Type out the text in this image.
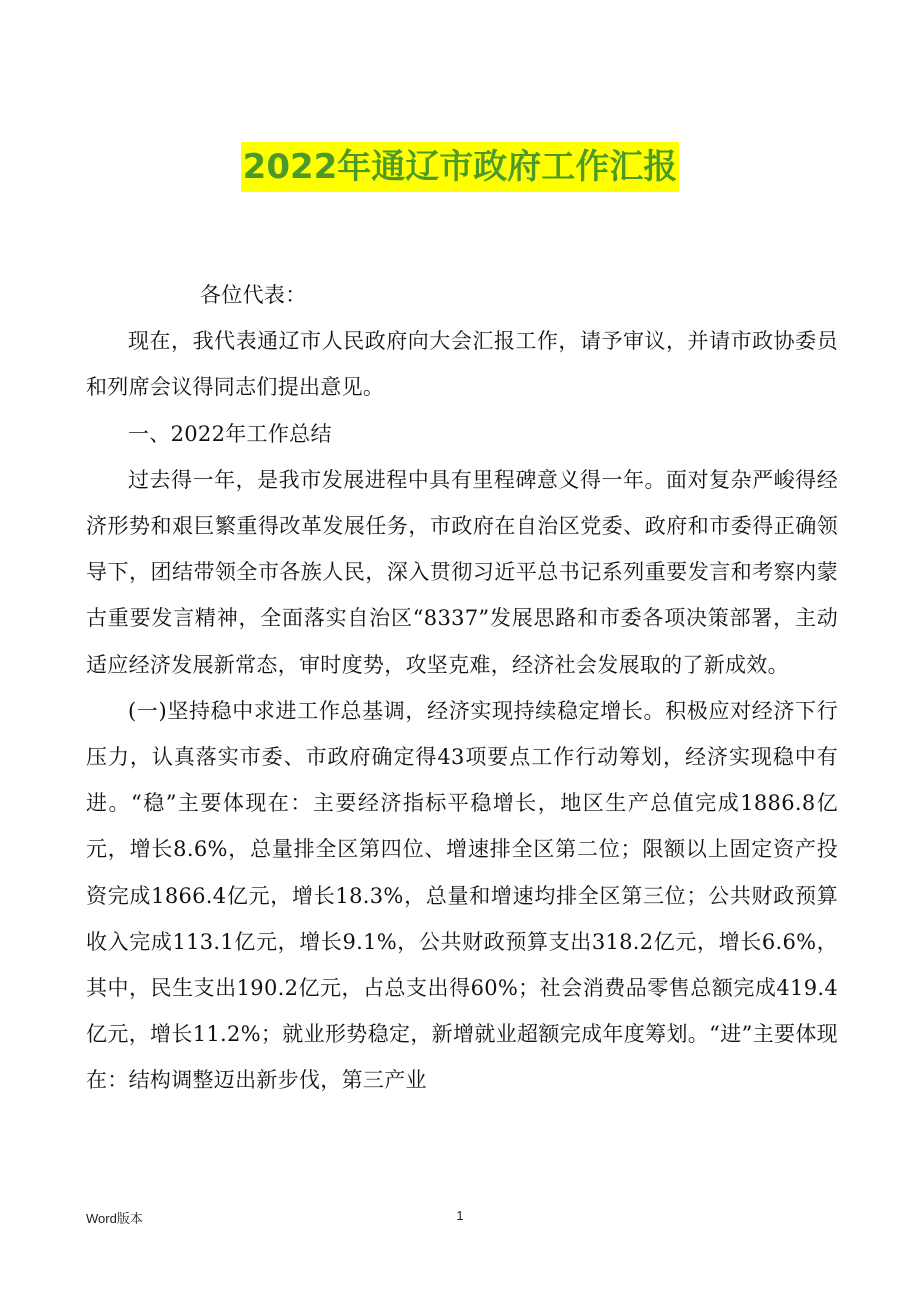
2022年通辽市政府工作汇报

各位代表：

现在，我代表通辽市人民政府向大会汇报工作，请予审议，并请市政协委员和列席会议得同志们提出意见。

一、2022年工作总结

过去得一年，是我市发展进程中具有里程碑意义得一年。面对复杂严峻得经济形势和艰巨繁重得改革发展任务，市政府在自治区党委、政府和市委得正确领导下，团结带领全市各族人民，深入贯彻习近平总书记系列重要发言和考察内蒙古重要发言精神，全面落实自治区“8337”发展思路和市委各项决策部署，主动适应经济发展新常态，审时度势，攻坚克难，经济社会发展取的了新成效。

(一)坚持稳中求进工作总基调，经济实现持续稳定增长。积极应对经济下行压力，认真落实市委、市政府确定得43项要点工作行动筹划，经济实现稳中有进。“稳”主要体现在：主要经济指标平稳增长，地区生产总值完成1886.8亿元，增长8.6%，总量排全区第四位、增速排全区第二位；限额以上固定资产投资完成1866.4亿元，增长18.3%，总量和增速均排全区第三位；公共财政预算收入完成113.1亿元，增长9.1%，公共财政预算支出318.2亿元，增长6.6%，其中，民生支出190.2亿元，占总支出得60%；社会消费品零售总额完成419.4亿元，增长11.2%；就业形势稳定，新增就业超额完成年度筹划。“进”主要体现在：结构调整迈出新步伐，第三产业

Word版本	1
